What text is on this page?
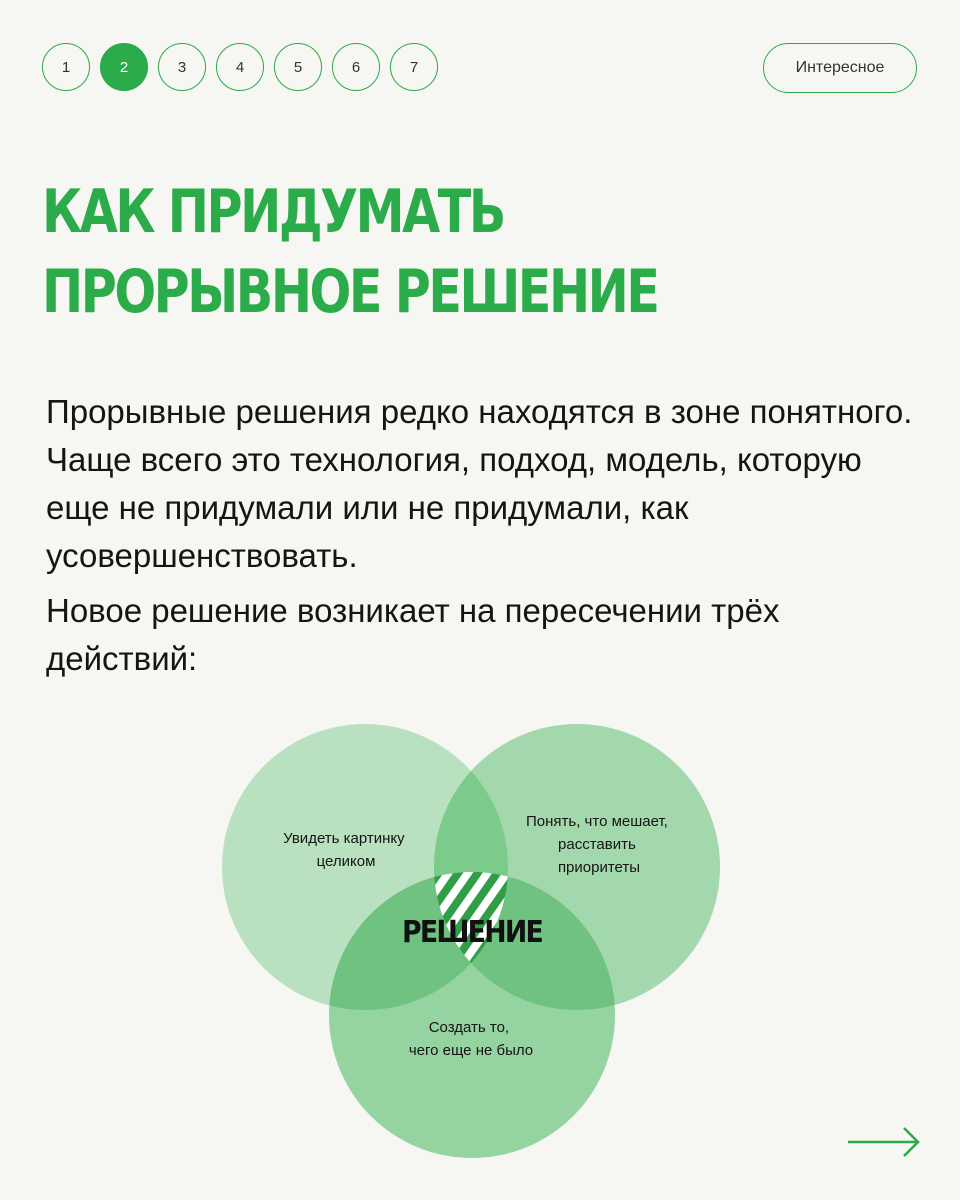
1	2	3	4	5	6	7	Интересное
КАК ПРИДУМАТЬ
ПРОРЫВНОЕ РЕШЕНИЕ

Прорывные решения редко находятся в зоне понятного. Чаще всего это технология, подход, модель, которую еще не придумали или не придумали, как усовершенствовать.

Новое решение возникает на пересечении трёх действий:

Увидеть картинку целиком
Понять, что мешает, расставить приоритеты
Создать то, чего еще не было
РЕШЕНИЕ
